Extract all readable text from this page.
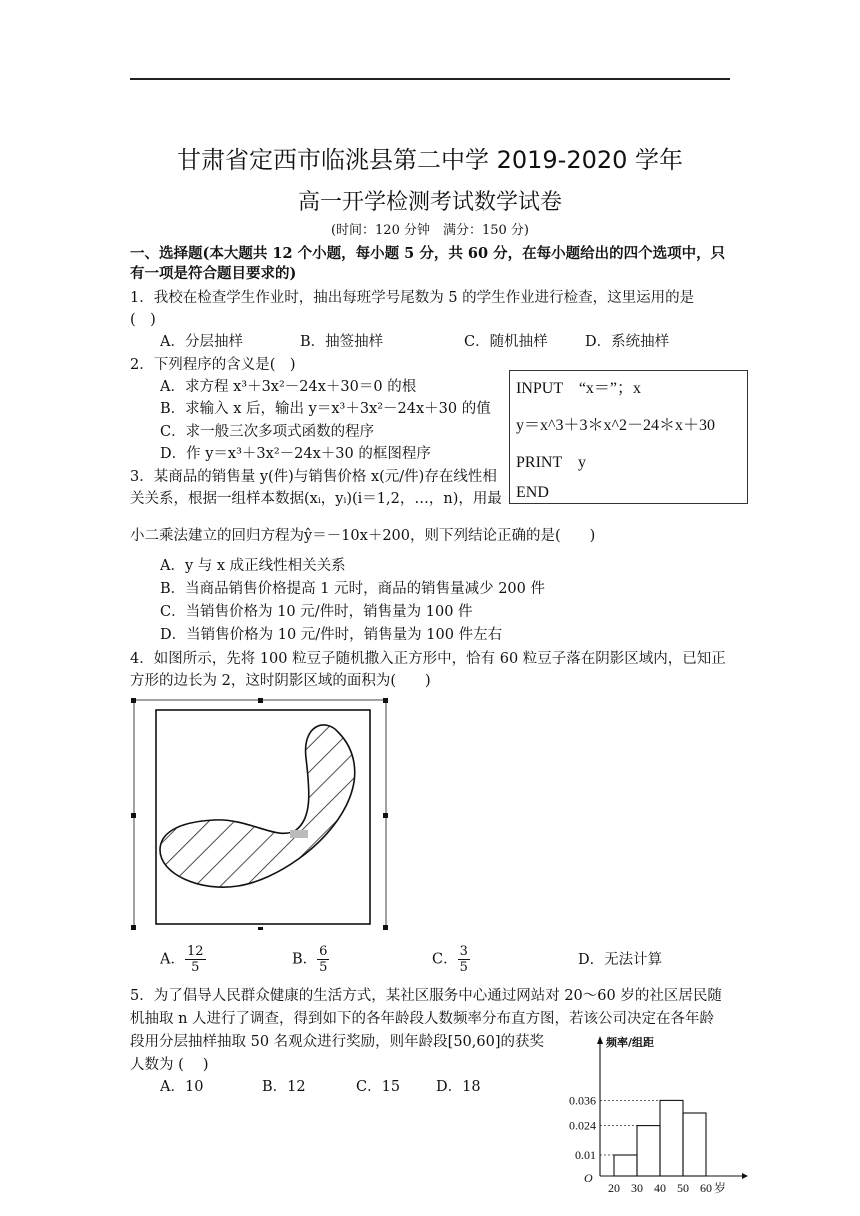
甘肃省定西市临洮县第二中学 2019-2020 学年
高一开学检测考试数学试卷
(时间：120 分钟　满分：150 分)
一、选择题(本大题共 12 个小题，每小题 5 分，共 60 分，在每小题给出的四个选项中，只
有一项是符合题目要求的)
1．我校在检查学生作业时，抽出每班学号尾数为 5 的学生作业进行检查，这里运用的是
(　)
A．分层抽样	B．抽签抽样	C．随机抽样	D．系统抽样
2．下列程序的含义是(　)
A．求方程 x³＋3x²－24x＋30＝0 的根
B．求输入 x 后，输出 y＝x³＋3x²－24x＋30 的值
C．求一般三次多项式函数的程序
D．作 y＝x³＋3x²－24x＋30 的框图程序
INPUT　“x＝”；x
y＝x^3＋3＊x^2－24＊x＋30
PRINT　y
END
3．某商品的销售量 y(件)与销售价格 x(元/件)存在线性相
关关系，根据一组样本数据(xᵢ，yᵢ)(i＝1,2，…，n)，用最
小二乘法建立的回归方程为ŷ＝－10x＋200，则下列结论正确的是(　　)
A．y 与 x 成正线性相关关系
B．当商品销售价格提高 1 元时，商品的销售量减少 200 件
C．当销售价格为 10 元/件时，销售量为 100 件
D．当销售价格为 10 元/件时，销售量为 100 件左右
4．如图所示，先将 100 粒豆子随机撒入正方形中，恰有 60 粒豆子落在阴影区域内，已知正
方形的边长为 2，这时阴影区域的面积为(　　)
A． $\frac{12}{5}$	B． $\frac{6}{5}$	C． $\frac{3}{5}$	D．无法计算
5．为了倡导人民群众健康的生活方式，某社区服务中心通过网站对 20～60 岁的社区居民随
机抽取 n 人进行了调查，得到如下的各年龄段人数频率分布直方图，若该公司决定在各年龄
段用分层抽样抽取 50 名观众进行奖励，则年龄段[50,60]的获奖
人数为 (　 )
A．10	B．12	C．15 D．18
0.01
0.024
0.036
20 30 40 50 60 岁
O
频率/组距
